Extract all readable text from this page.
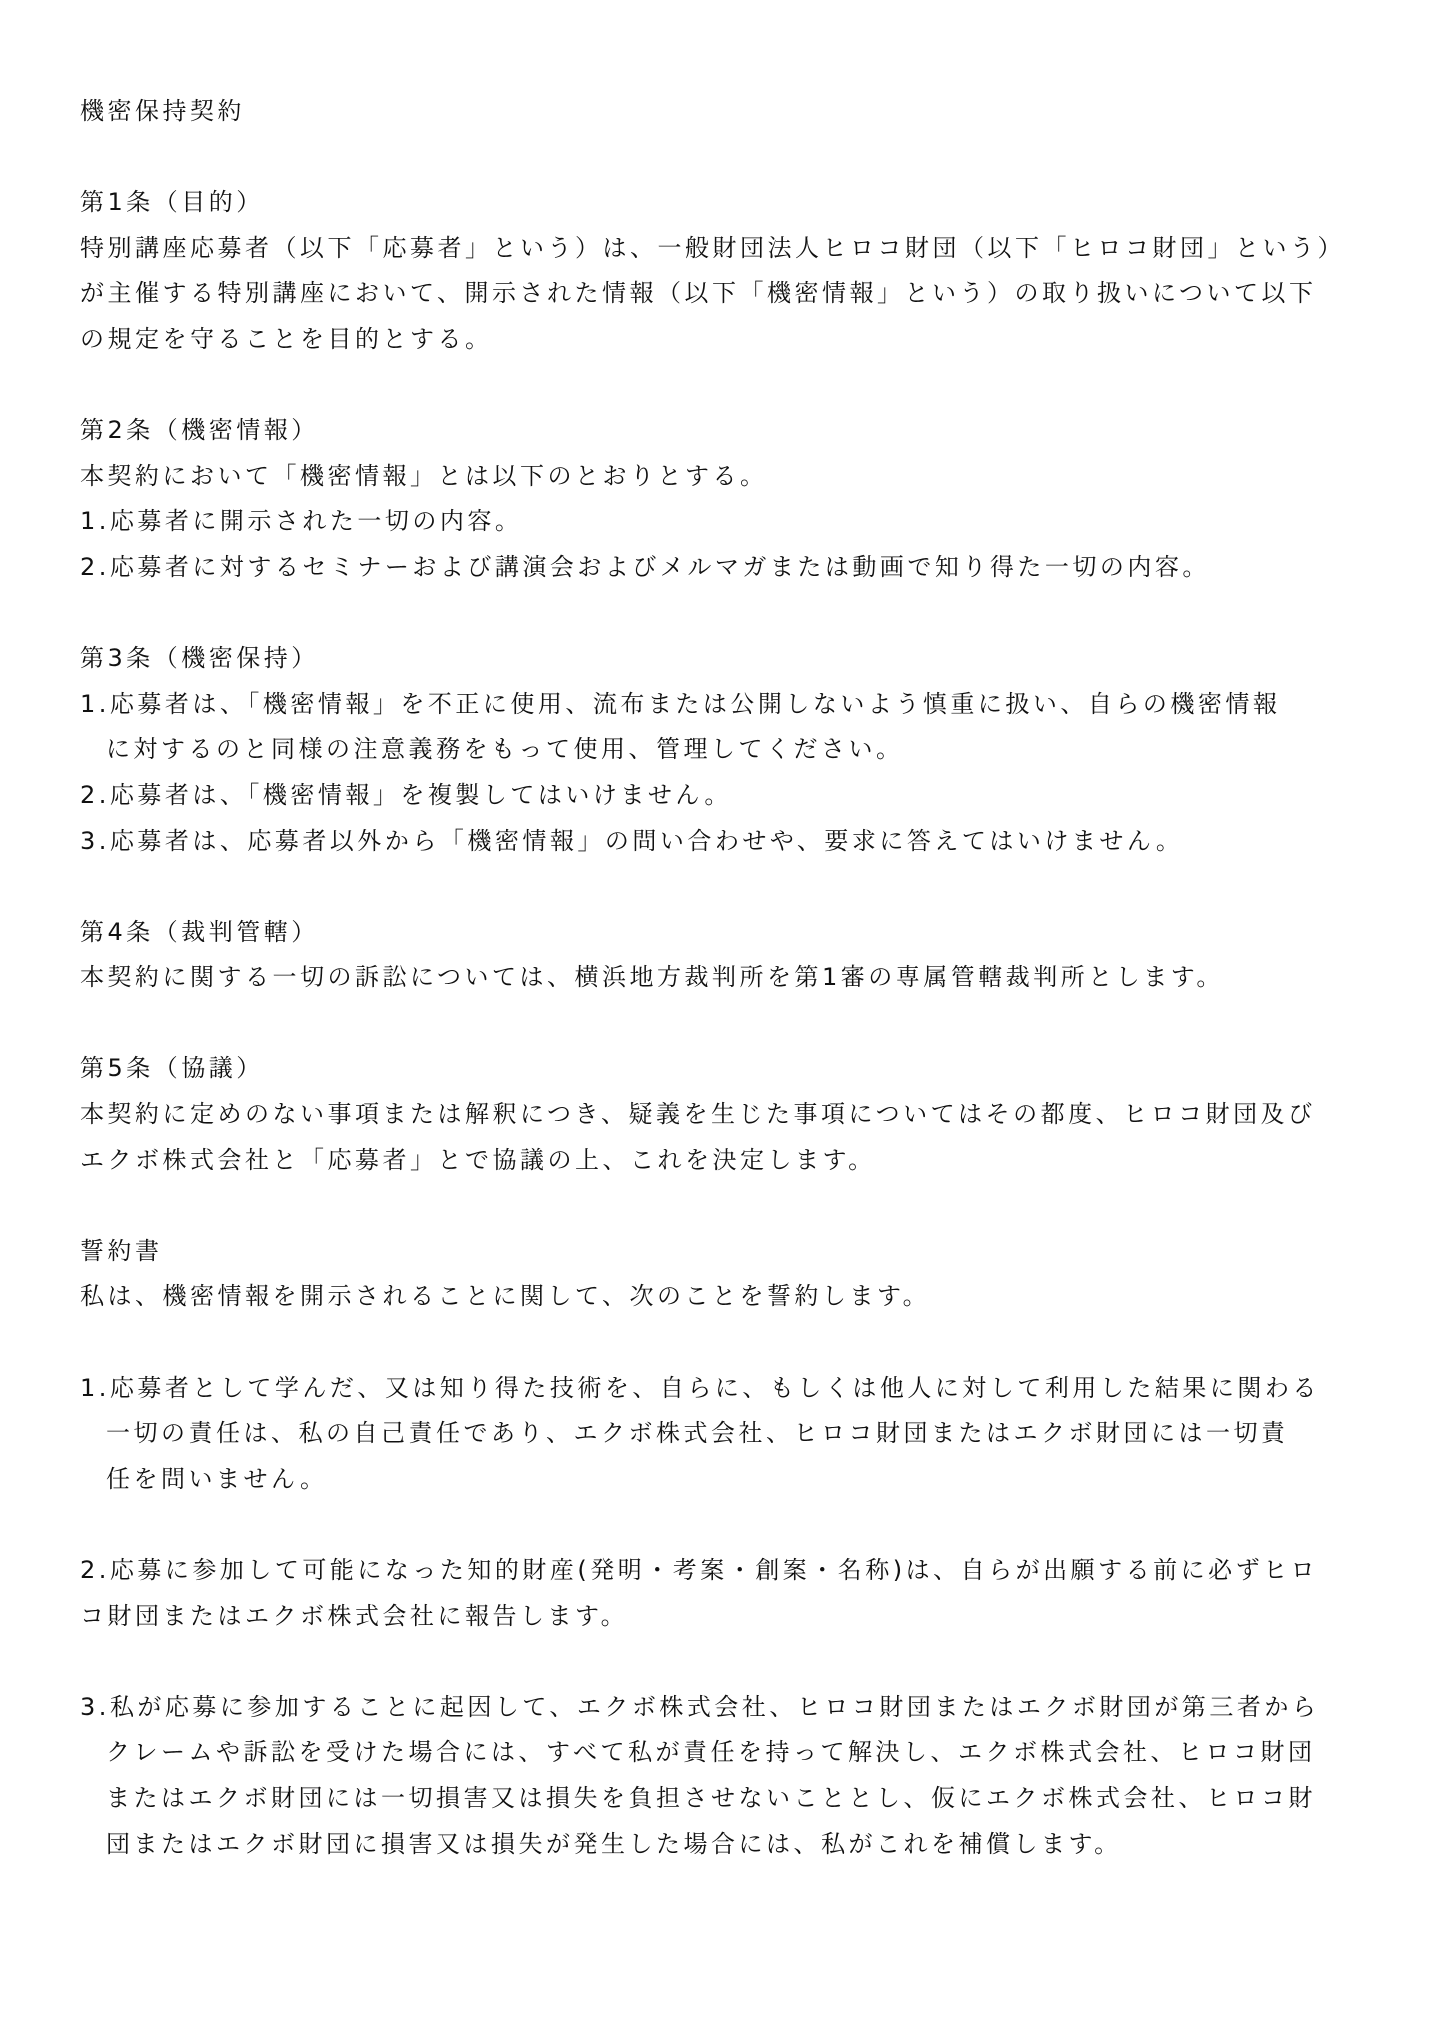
機密保持契約
第1条（目的）
特別講座応募者（以下「応募者」という）は、一般財団法人ヒロコ財団（以下「ヒロコ財団」という）
が主催する特別講座において、開示された情報（以下「機密情報」という）の取り扱いについて以下
の規定を守ることを目的とする。
第2条（機密情報）
本契約において「機密情報」とは以下のとおりとする。
1.応募者に開示された一切の内容。
2.応募者に対するセミナーおよび講演会およびメルマガまたは動画で知り得た一切の内容。
第3条（機密保持）
1.応募者は、「機密情報」を不正に使用、流布または公開しないよう慎重に扱い、自らの機密情報
に対するのと同様の注意義務をもって使用、管理してください。
2.応募者は、「機密情報」を複製してはいけません。
3.応募者は、応募者以外から「機密情報」の問い合わせや、要求に答えてはいけません。
第4条（裁判管轄）
本契約に関する一切の訴訟については、横浜地方裁判所を第1審の専属管轄裁判所とします。
第5条（協議）
本契約に定めのない事項または解釈につき、疑義を生じた事項についてはその都度、ヒロコ財団及び
エクボ株式会社と「応募者」とで協議の上、これを決定します。
誓約書
私は、機密情報を開示されることに関して、次のことを誓約します。
1.応募者として学んだ、又は知り得た技術を、自らに、もしくは他人に対して利用した結果に関わる
一切の責任は、私の自己責任であり、エクボ株式会社、ヒロコ財団またはエクボ財団には一切責
任を問いません。
2.応募に参加して可能になった知的財産(発明・考案・創案・名称)は、自らが出願する前に必ずヒロ
コ財団またはエクボ株式会社に報告します。
3.私が応募に参加することに起因して、エクボ株式会社、ヒロコ財団またはエクボ財団が第三者から
クレームや訴訟を受けた場合には、すべて私が責任を持って解決し、エクボ株式会社、ヒロコ財団
またはエクボ財団には一切損害又は損失を負担させないこととし、仮にエクボ株式会社、ヒロコ財
団またはエクボ財団に損害又は損失が発生した場合には、私がこれを補償します。
